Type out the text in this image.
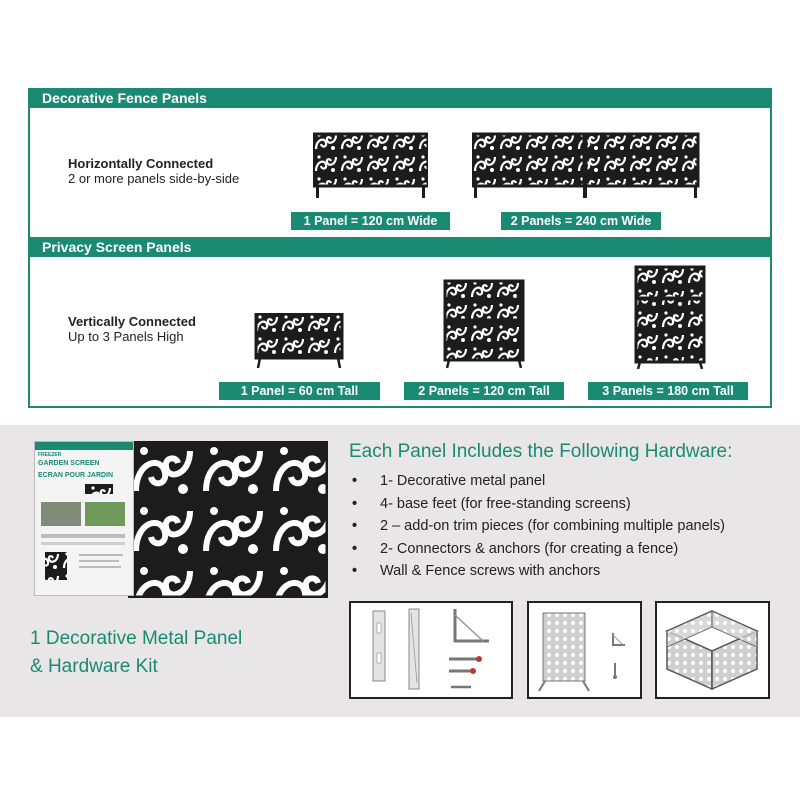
Decorative Fence Panels
Horizontally Connected
2 or more panels side-by-side
1 Panel = 120 cm Wide	2 Panels = 240 cm Wide
Privacy Screen Panels
Vertically Connected
Up to 3 Panels High
1 Panel = 60 cm Tall	2 Panels = 120 cm Tall	3 Panels = 180 cm Tall
FREEZER
GARDEN SCREEN
ECRAN POUR JARDIN
1 Decorative Metal Panel
& Hardware Kit
Each Panel Includes the Following Hardware:
• 1- Decorative metal panel
• 4- base feet (for free-standing screens)
• 2 – add-on trim pieces (for combining multiple panels)
• 2- Connectors & anchors (for creating a fence)
• Wall & Fence screws with anchors
